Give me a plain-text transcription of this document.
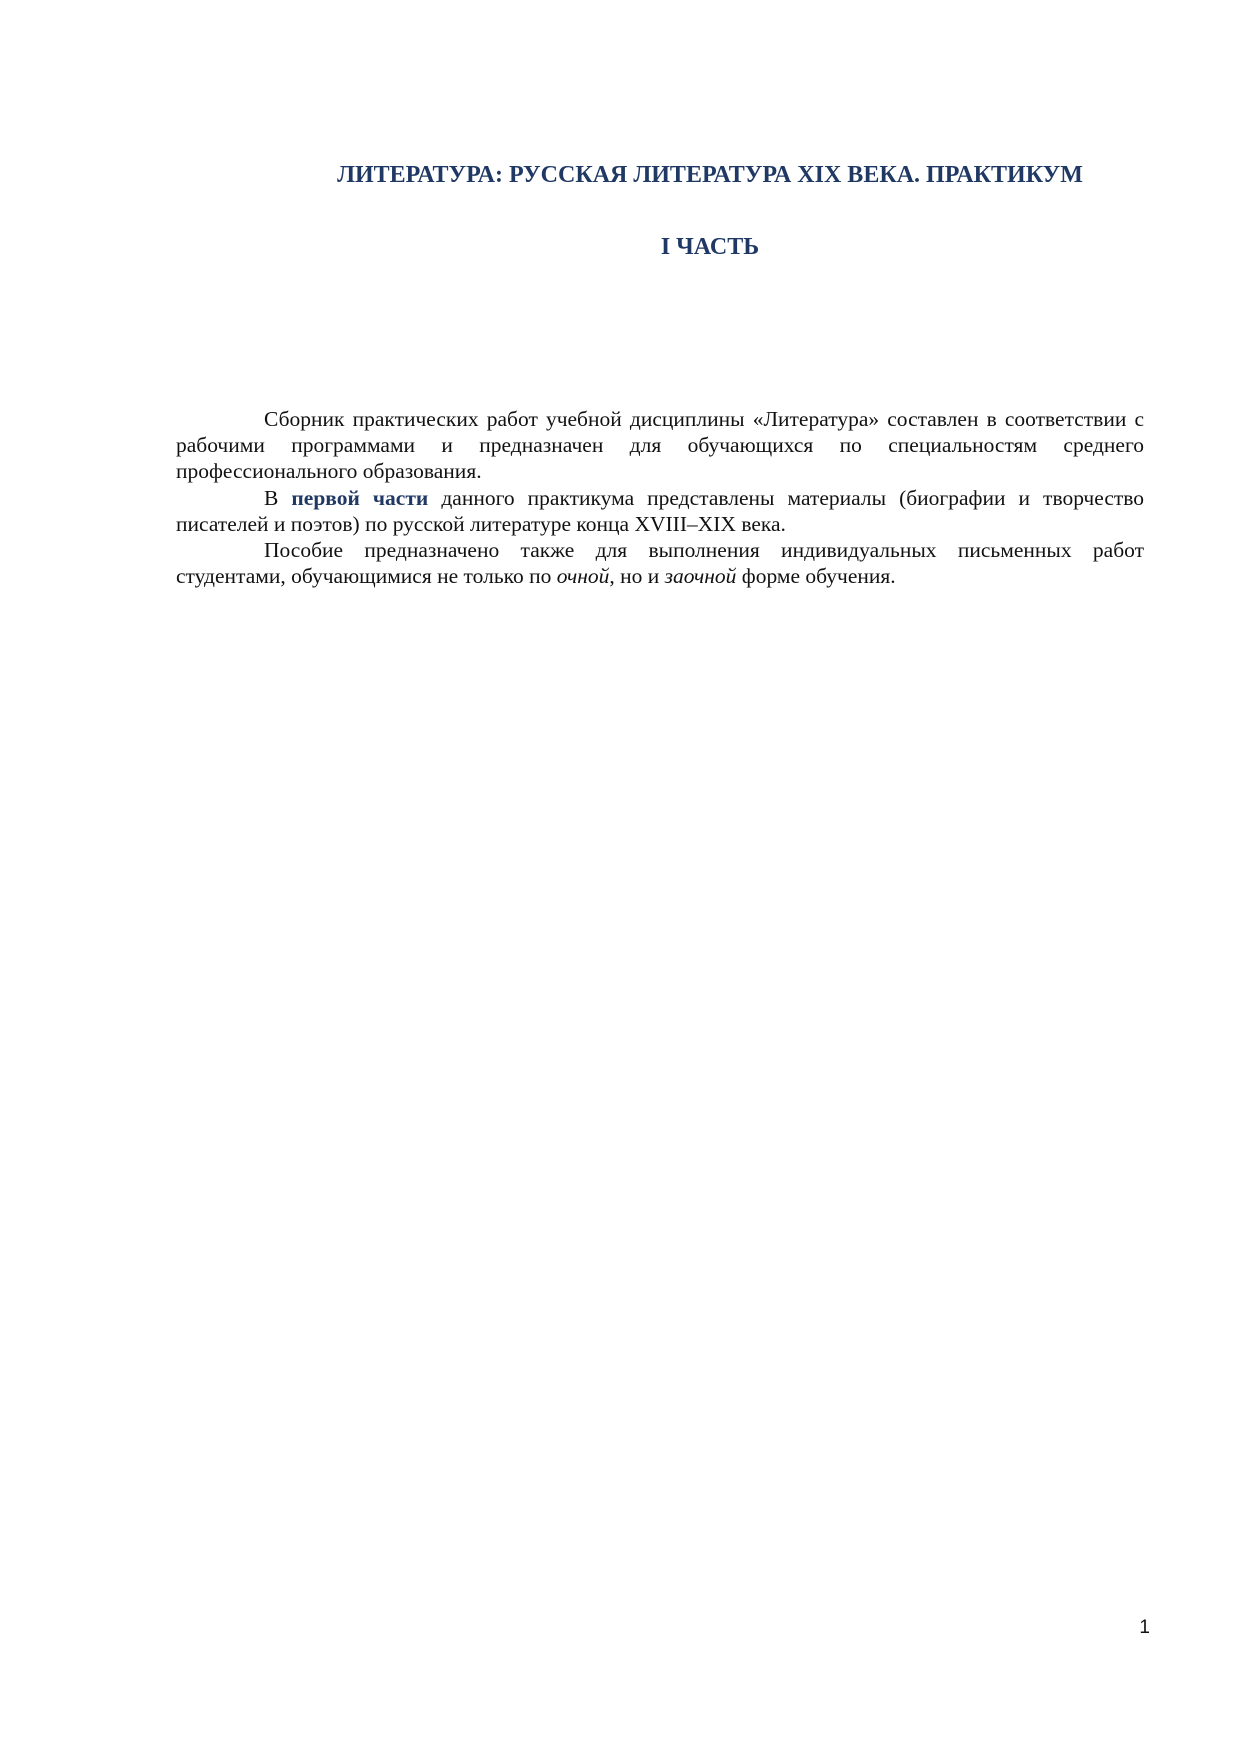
ЛИТЕРАТУРА: РУССКАЯ ЛИТЕРАТУРА XIX ВЕКА. ПРАКТИКУМ
I ЧАСТЬ

Сборник практических работ учебной дисциплины «Литература» составлен в соответствии с рабочими программами и предназначен для обучающихся по специальностям среднего профессионального образования.

В первой части данного практикума представлены материалы (биографии и творчество писателей и поэтов) по русской литературе конца XVIII–XIX века.

Пособие предназначено также для выполнения индивидуальных письменных работ студентами, обучающимися не только по очной, но и заочной форме обучения.

1
